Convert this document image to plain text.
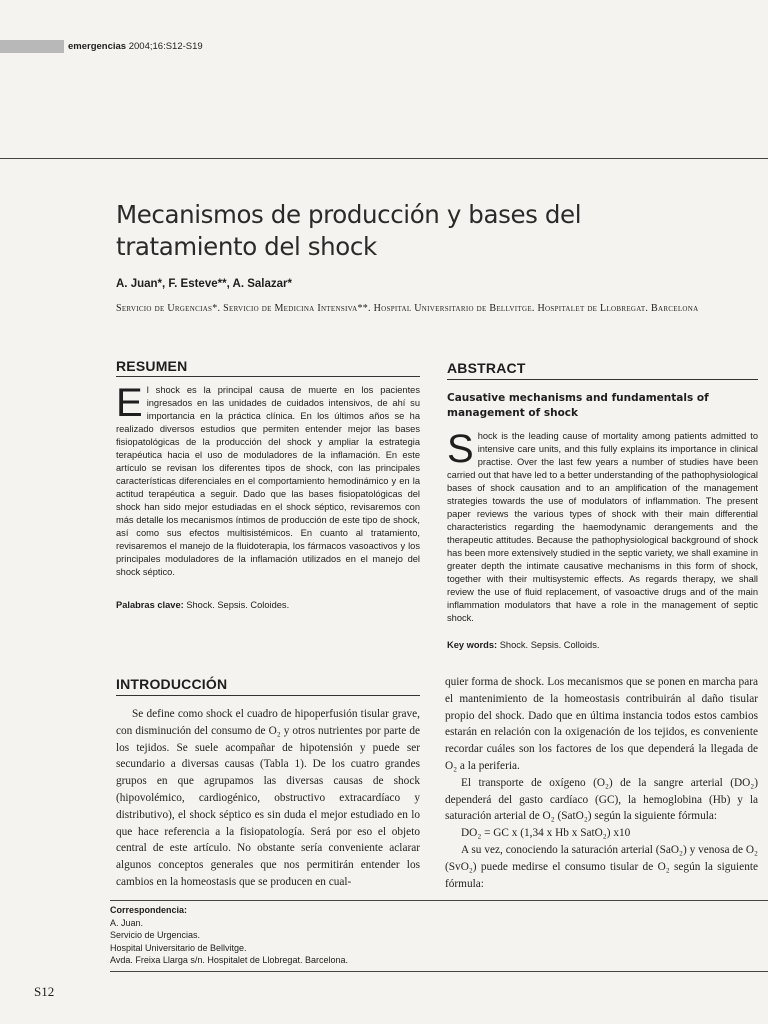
emergencias 2004;16:S12-S19
Mecanismos de producción y bases del tratamiento del shock
A. Juan*, F. Esteve**, A. Salazar*
Servicio de Urgencias*. Servicio de Medicina Intensiva**. Hospital Universitario de Bellvitge. Hospitalet de Llobregat. Barcelona
RESUMEN
El shock es la principal causa de muerte en los pacientes ingresados en las unidades de cuidados intensivos, de ahí su importancia en la práctica clínica. En los últimos años se ha realizado diversos estudios que permiten entender mejor las bases fisiopatológicas de la producción del shock y ampliar la estrategia terapéutica hacia el uso de moduladores de la inflamación. En este artículo se revisan los diferentes tipos de shock, con las principales características diferenciales en el comportamiento hemodinámico y en la actitud terapéutica a seguir. Dado que las bases fisiopatológicas del shock han sido mejor estudiadas en el shock séptico, revisaremos con más detalle los mecanismos íntimos de producción de este tipo de shock, así como sus efectos multisistémicos. En cuanto al tratamiento, revisaremos el manejo de la fluidoterapia, los fármacos vasoactivos y los principales moduladores de la inflamación utilizados en el manejo del shock séptico.
Palabras clave: Shock. Sepsis. Coloides.
ABSTRACT
Causative mechanisms and fundamentals of management of shock
Shock is the leading cause of mortality among patients admitted to intensive care units, and this fully explains its importance in clinical practise. Over the last few years a number of studies have been carried out that have led to a better understanding of the pathophysiological bases of shock causation and to an amplification of the management strategies towards the use of modulators of inflammation. The present paper reviews the various types of shock with their main differential characteristics regarding the haemodynamic derangements and the therapeutic attitudes. Because the pathophysiological background of shock has been more extensively studied in the septic variety, we shall examine in greater depth the intimate causative mechanisms in this form of shock, together with their multisystemic effects. As regards therapy, we shall review the use of fluid replacement, of vasoactive drugs and of the main inflammation modulators that have a role in the management of septic shock.
Key words: Shock. Sepsis. Colloids.
INTRODUCCIÓN

Se define como shock el cuadro de hipoperfusión tisular grave, con disminución del consumo de O₂ y otros nutrientes por parte de los tejidos. Se suele acompañar de hipotensión y puede ser secundario a diversas causas (Tabla 1). De los cuatro grandes grupos en que agrupamos las diversas causas de shock (hipovolémico, cardiogénico, obstructivo extracardíaco y distributivo), el shock séptico es sin duda el mejor estudiado en lo que hace referencia a la fisiopatología. Será por eso el objeto central de este artículo. No obstante sería conveniente aclarar algunos conceptos generales que nos permitirán entender los cambios en la homeostasis que se producen en cual-

quier forma de shock. Los mecanismos que se ponen en marcha para el mantenimiento de la homeostasis contribuirán al daño tisular propio del shock. Dado que en última instancia todos estos cambios estarán en relación con la oxigenación de los tejidos, es conveniente recordar cuáles son los factores de los que dependerá la llegada de O₂ a la periferia.

El transporte de oxígeno (O₂) de la sangre arterial (DO₂) dependerá del gasto cardíaco (GC), la hemoglobina (Hb) y la saturación arterial de O₂ (SatO₂) según la siguiente fórmula:

DO₂ = GC x (1,34 x Hb x SatO₂) x10

A su vez, conociendo la saturación arterial (SaO₂) y venosa de O₂ (SvO₂) puede medirse el consumo tisular de O₂ según la siguiente fórmula:

Correspondencia:
A. Juan.
Servicio de Urgencias.
Hospital Universitario de Bellvitge.
Avda. Freixa Llarga s/n. Hospitalet de Llobregat. Barcelona.
S12
